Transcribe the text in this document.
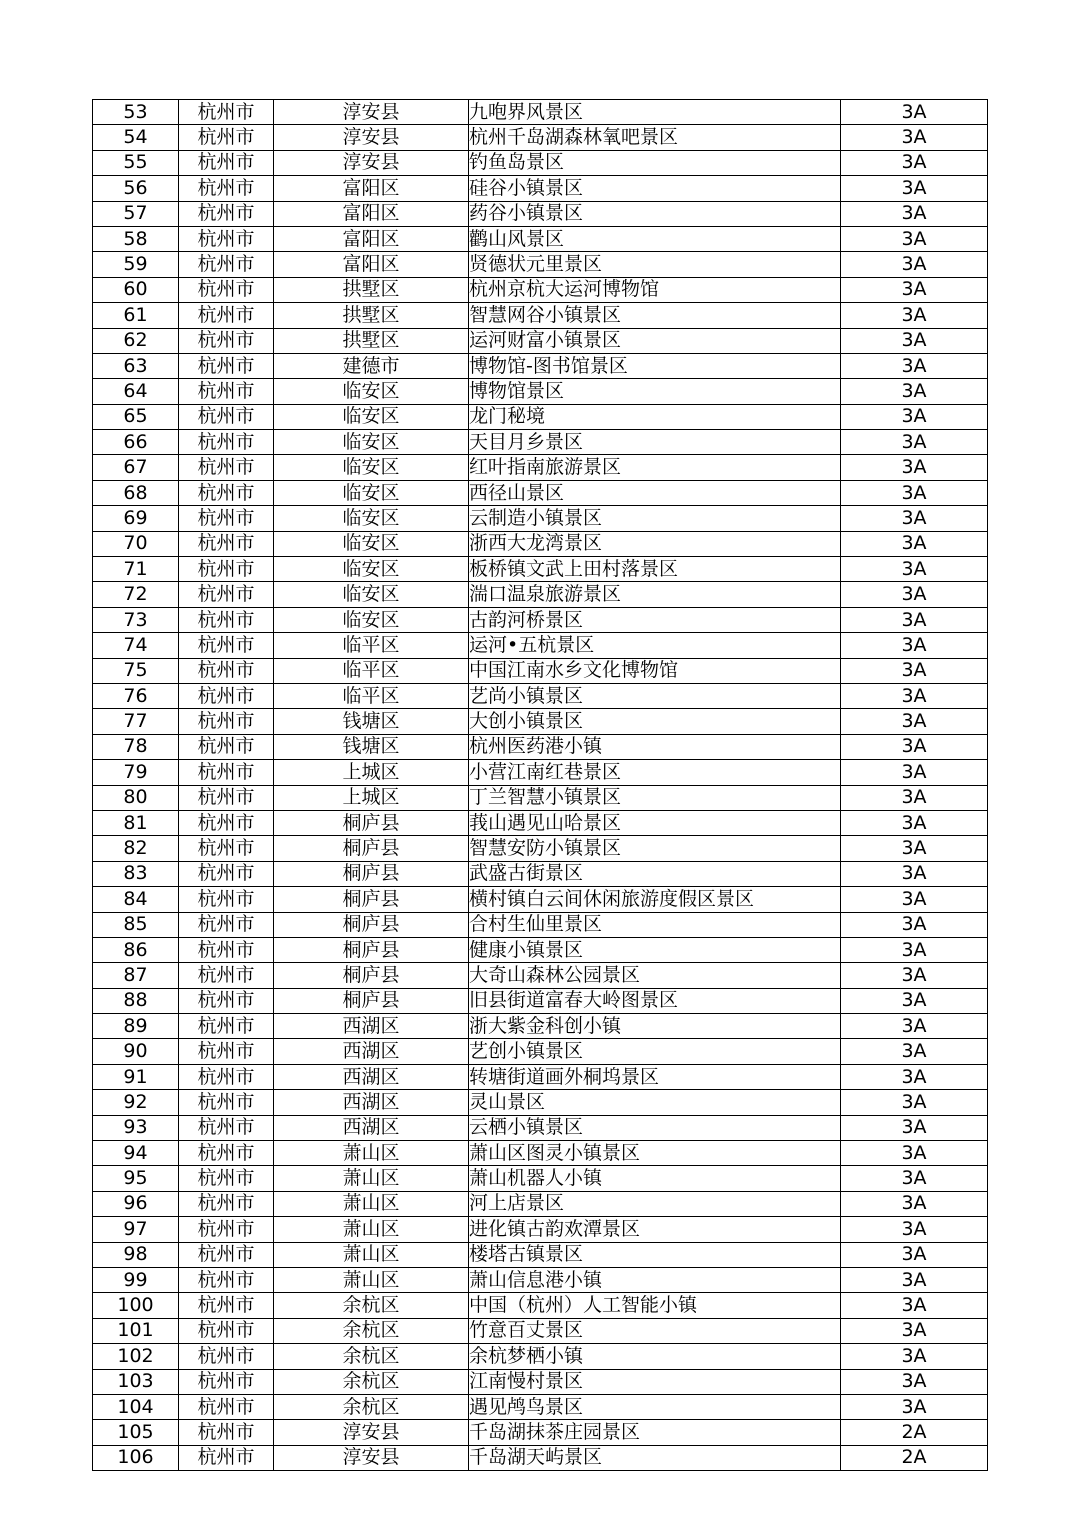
53	杭州市	淳安县	九咆界风景区	3A
54	杭州市	淳安县	杭州千岛湖森林氧吧景区	3A
55	杭州市	淳安县	钓鱼岛景区	3A
56	杭州市	富阳区	硅谷小镇景区	3A
57	杭州市	富阳区	药谷小镇景区	3A
58	杭州市	富阳区	鹳山风景区	3A
59	杭州市	富阳区	贤德状元里景区	3A
60	杭州市	拱墅区	杭州京杭大运河博物馆	3A
61	杭州市	拱墅区	智慧网谷小镇景区	3A
62	杭州市	拱墅区	运河财富小镇景区	3A
63	杭州市	建德市	博物馆-图书馆景区	3A
64	杭州市	临安区	博物馆景区	3A
65	杭州市	临安区	龙门秘境	3A
66	杭州市	临安区	天目月乡景区	3A
67	杭州市	临安区	红叶指南旅游景区	3A
68	杭州市	临安区	西径山景区	3A
69	杭州市	临安区	云制造小镇景区	3A
70	杭州市	临安区	浙西大龙湾景区	3A
71	杭州市	临安区	板桥镇文武上田村落景区	3A
72	杭州市	临安区	湍口温泉旅游景区	3A
73	杭州市	临安区	古韵河桥景区	3A
74	杭州市	临平区	运河•五杭景区	3A
75	杭州市	临平区	中国江南水乡文化博物馆	3A
76	杭州市	临平区	艺尚小镇景区	3A
77	杭州市	钱塘区	大创小镇景区	3A
78	杭州市	钱塘区	杭州医药港小镇	3A
79	杭州市	上城区	小营江南红巷景区	3A
80	杭州市	上城区	丁兰智慧小镇景区	3A
81	杭州市	桐庐县	莪山遇见山哈景区	3A
82	杭州市	桐庐县	智慧安防小镇景区	3A
83	杭州市	桐庐县	武盛古街景区	3A
84	杭州市	桐庐县	横村镇白云间休闲旅游度假区景区	3A
85	杭州市	桐庐县	合村生仙里景区	3A
86	杭州市	桐庐县	健康小镇景区	3A
87	杭州市	桐庐县	大奇山森林公园景区	3A
88	杭州市	桐庐县	旧县街道富春大岭图景区	3A
89	杭州市	西湖区	浙大紫金科创小镇	3A
90	杭州市	西湖区	艺创小镇景区	3A
91	杭州市	西湖区	转塘街道画外桐坞景区	3A
92	杭州市	西湖区	灵山景区	3A
93	杭州市	西湖区	云栖小镇景区	3A
94	杭州市	萧山区	萧山区图灵小镇景区	3A
95	杭州市	萧山区	萧山机器人小镇	3A
96	杭州市	萧山区	河上店景区	3A
97	杭州市	萧山区	进化镇古韵欢潭景区	3A
98	杭州市	萧山区	楼塔古镇景区	3A
99	杭州市	萧山区	萧山信息港小镇	3A
100	杭州市	余杭区	中国（杭州）人工智能小镇	3A
101	杭州市	余杭区	竹意百丈景区	3A
102	杭州市	余杭区	余杭梦栖小镇	3A
103	杭州市	余杭区	江南慢村景区	3A
104	杭州市	余杭区	遇见鸬鸟景区	3A
105	杭州市	淳安县	千岛湖抹茶庄园景区	2A
106	杭州市	淳安县	千岛湖天屿景区	2A
